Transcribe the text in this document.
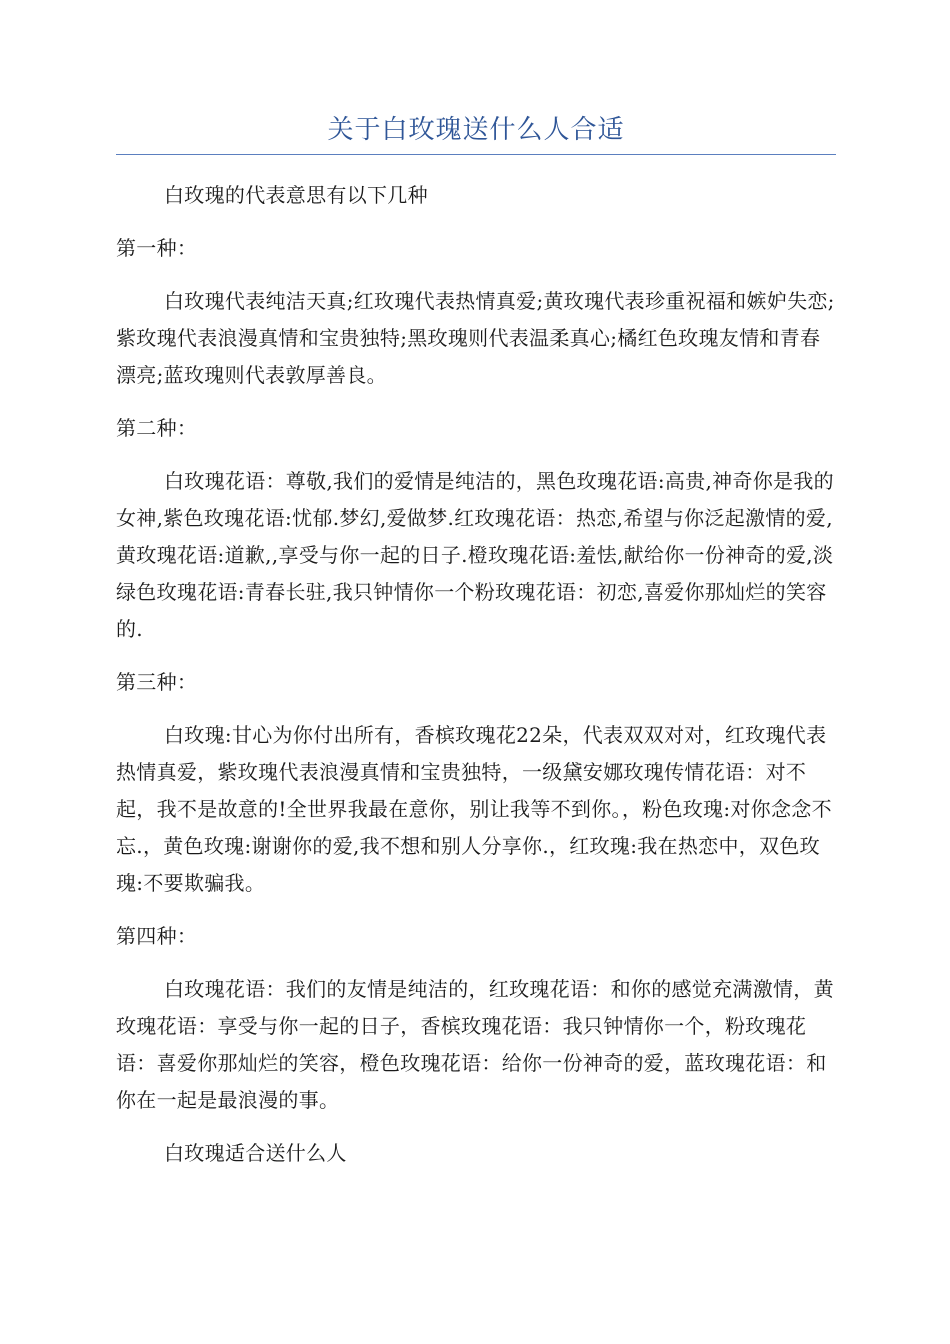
关于白玫瑰送什么人合适

白玫瑰的代表意思有以下几种

第一种：

白玫瑰代表纯洁天真;红玫瑰代表热情真爱;黄玫瑰代表珍重祝福和嫉妒失恋;紫玫瑰代表浪漫真情和宝贵独特;黑玫瑰则代表温柔真心;橘红色玫瑰友情和青春漂亮;蓝玫瑰则代表敦厚善良。

第二种：

白玫瑰花语：尊敬,我们的爱情是纯洁的，黑色玫瑰花语:高贵,神奇你是我的女神,紫色玫瑰花语:忧郁.梦幻,爱做梦.红玫瑰花语：热恋,希望与你泛起激情的爱,黄玫瑰花语:道歉,,享受与你一起的日子.橙玫瑰花语:羞怯,献给你一份神奇的爱,淡绿色玫瑰花语:青春长驻,我只钟情你一个粉玫瑰花语：初恋,喜爱你那灿烂的笑容的.

第三种：

白玫瑰:甘心为你付出所有，香槟玫瑰花22朵，代表双双对对，红玫瑰代表热情真爱，紫玫瑰代表浪漫真情和宝贵独特，一级黛安娜玫瑰传情花语：对不起，我不是故意的!全世界我最在意你，别让我等不到你。，粉色玫瑰:对你念念不忘.，黄色玫瑰:谢谢你的爱,我不想和别人分享你.，红玫瑰:我在热恋中，双色玫瑰:不要欺骗我。

第四种：

白玫瑰花语：我们的友情是纯洁的，红玫瑰花语：和你的感觉充满激情，黄玫瑰花语：享受与你一起的日子，香槟玫瑰花语：我只钟情你一个，粉玫瑰花语：喜爱你那灿烂的笑容，橙色玫瑰花语：给你一份神奇的爱，蓝玫瑰花语：和你在一起是最浪漫的事。

白玫瑰适合送什么人
